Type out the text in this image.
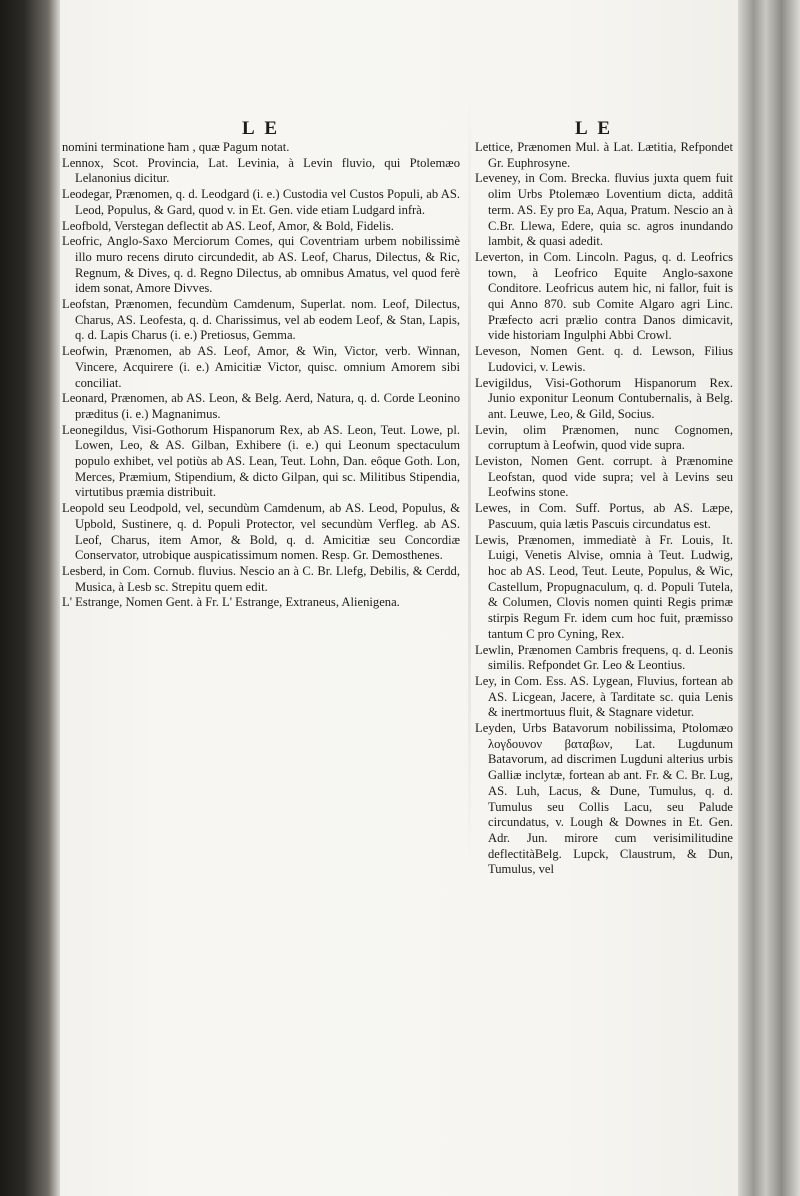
L E	L E

nomini terminatione ħam , quæ Pagum notat.

Lennox, Scot. Provincia, Lat. Levinia, à Levin fluvio, qui Ptolemæo Lelanonius dicitur.

Leodegar, Prænomen, q. d. Leodgard (i. e.) Custodia vel Custos Populi, ab AS. Leod, Populus, & Gard, quod v. in Et. Gen. vide etiam Ludgard infrà.

Leofbold, Verstegan deflectit ab AS. Leof, Amor, & Bold, Fidelis.

Leofric, Anglo-Saxo Merciorum Comes, qui Coventriam urbem nobilissimè illo muro recens diruto circundedit, ab AS. Leof, Charus, Dilectus, & Ric, Regnum, & Dives, q. d. Regno Dilectus, ab omnibus Amatus, vel quod ferè idem sonat, Amore Divves.

Leofstan, Prænomen, fecundùm Camdenum, Superlat. nom. Leof, Dilectus, Charus, AS. Leofesta, q. d. Charissimus, vel ab eodem Leof, & Stan, Lapis, q. d. Lapis Charus (i. e.) Pretiosus, Gemma.

Leofwin, Prænomen, ab AS. Leof, Amor, & Win, Victor, verb. Winnan, Vincere, Acquirere (i. e.) Amicitiæ Victor, quisc. omnium Amorem sibi conciliat.

Leonard, Prænomen, ab AS. Leon, & Belg. Aerd, Natura, q. d. Corde Leonino præditus (i. e.) Magnanimus.

Leonegildus, Visi-Gothorum Hispanorum Rex, ab AS. Leon, Teut. Lowe, pl. Lowen, Leo, & AS. Gilban, Exhibere (i. e.) qui Leonum spectaculum populo exhibet, vel potiùs ab AS. Lean, Teut. Lohn, Dan. eôque Goth. Lon, Merces, Præmium, Stipendium, & dicto Gilpan, qui sc. Militibus Stipendia, virtutibus præmia distribuit.

Leopold seu Leodpold, vel, secundùm Camdenum, ab AS. Leod, Populus, & Upbold, Sustinere, q. d. Populi Protector, vel secundùm Verfleg. ab AS. Leof, Charus, item Amor, & Bold, q. d. Amicitiæ seu Concordiæ Conservator, utrobique auspicatissimum nomen. Resp. Gr. Demosthenes.

Lesberd, in Com. Cornub. fluvius. Nescio an à C. Br. Llefg, Debilis, & Cerdd, Musica, à Lesb sc. Strepitu quem edit.

L' Estrange, Nomen Gent. à Fr. L' Estrange, Extraneus, Alienigena.

Lettice, Prænomen Mul. à Lat. Lætitia, Refpondet Gr. Euphrosyne.

Leveney, in Com. Brecka. fluvius juxta quem fuit olim Urbs Ptolemæo Loventium dicta, additâ term. AS. Ey pro Ea, Aqua, Pratum. Nescio an à C.Br. Llewa, Edere, quia sc. agros inundando lambit, & quasi adedit.

Leverton, in Com. Lincoln. Pagus, q. d. Leofrics town, à Leofrico Equite Anglo-saxone Conditore. Leofricus autem hic, ni fallor, fuit is qui Anno 870. sub Comite Algaro agri Linc. Præfecto acri prælio contra Danos dimicavit, vide historiam Ingulphi Abbi Crowl.

Leveson, Nomen Gent. q. d. Lewson, Filius Ludovici, v. Lewis.

Levigildus, Visi-Gothorum Hispanorum Rex. Junio exponitur Leonum Contubernalis, à Belg. ant. Leuwe, Leo, & Gild, Socius.

Levin, olim Prænomen, nunc Cognomen, corruptum à Leofwin, quod vide supra.

Leviston, Nomen Gent. corrupt. à Prænomine Leofstan, quod vide supra; vel à Levins seu Leofwins stone.

Lewes, in Com. Suff. Portus, ab AS. Læpe, Pascuum, quia lætis Pascuis circundatus est.

Lewis, Prænomen, immediatè à Fr. Louis, It. Luigi, Venetis Alvise, omnia à Teut. Ludwig, hoc ab AS. Leod, Teut. Leute, Populus, & Wic, Castellum, Propugnaculum, q. d. Populi Tutela, & Columen, Clovis nomen quinti Regis primæ stirpis Regum Fr. idem cum hoc fuit, præmisso tantum C pro Cyning, Rex.

Lewlin, Prænomen Cambris frequens, q. d. Leonis similis. Refpondet Gr. Leo & Leontius.

Ley, in Com. Ess. AS. Lygean, Fluvius, fortean ab AS. Licgean, Jacere, à Tarditate sc. quia Lenis & inertmortuus fluit, & Stagnare videtur.

Leyden, Urbs Batavorum nobilissima, Ptolomæo λογδουνον βαταβων, Lat. Lugdunum Batavorum, ad discrimen Lugduni alterius urbis Galliæ inclytæ, fortean ab ant. Fr. & C. Br. Lug, AS. Luh, Lacus, & Dune, Tumulus, q. d. Tumulus seu Collis Lacu, seu Palude circundatus, v. Lough & Downes in Et. Gen. Adr. Jun. mirore cum verisimilitudine deflectitàBelg. Lupck, Claustrum, & Dun, Tumulus, vel
